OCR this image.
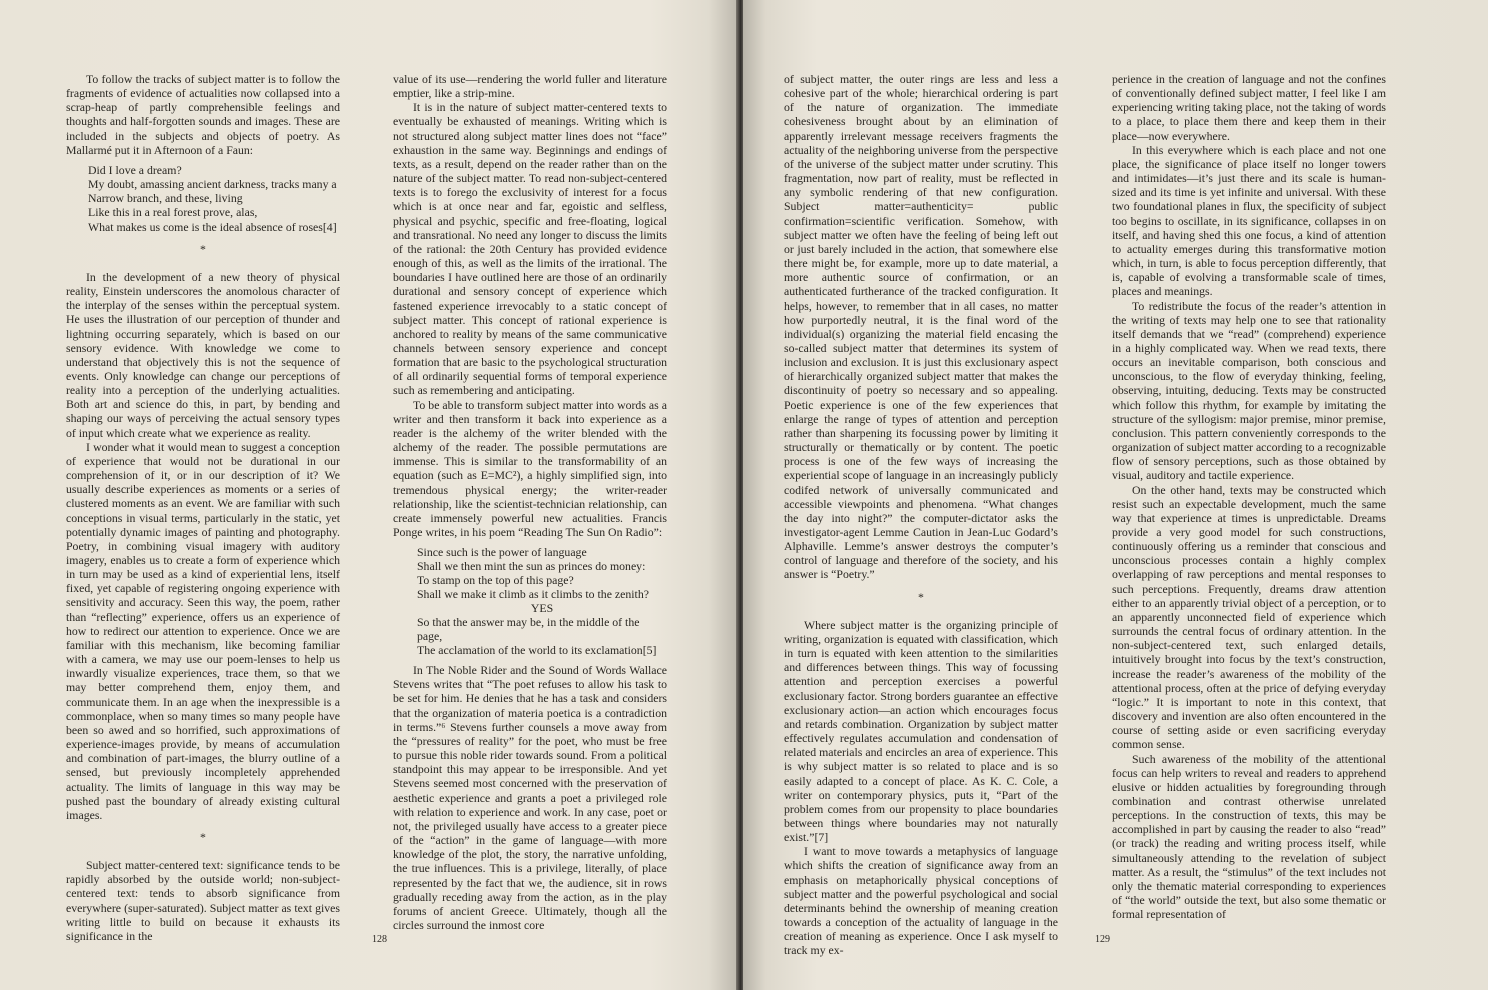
To follow the tracks of subject matter is to follow the fragments of evidence of actualities now collapsed into a scrap-heap of partly comprehensible feelings and thoughts and half-forgotten sounds and images. These are included in the subjects and objects of poetry. As Mallarmé put it in Afternoon of a Faun:

Did I love a dream?
My doubt, amassing ancient darkness, tracks many a
Narrow branch, and these, living
Like this in a real forest prove, alas,
What makes us come is the ideal absence of roses[4]

*

In the development of a new theory of physical reality, Einstein underscores the anomolous character of the interplay of the senses within the perceptual system. He uses the illustration of our perception of thunder and lightning occurring separately, which is based on our sensory evidence. With knowledge we come to understand that objectively this is not the sequence of events. Only knowledge can change our perceptions of reality into a perception of the underlying actualities. Both art and science do this, in part, by bending and shaping our ways of perceiving the actual sensory types of input which create what we experience as reality.

I wonder what it would mean to suggest a conception of experience that would not be durational in our comprehension of it, or in our description of it? We usually describe experiences as moments or a series of clustered moments as an event. We are familiar with such conceptions in visual terms, particularly in the static, yet potentially dynamic images of painting and photography. Poetry, in combining visual imagery with auditory imagery, enables us to create a form of experience which in turn may be used as a kind of experiential lens, itself fixed, yet capable of registering ongoing experience with sensitivity and accuracy. Seen this way, the poem, rather than “reflecting” experience, offers us an experience of how to redirect our attention to experience. Once we are familiar with this mechanism, like becoming familiar with a camera, we may use our poem-lenses to help us inwardly visualize experiences, trace them, so that we may better comprehend them, enjoy them, and communicate them. In an age when the inexpressible is a commonplace, when so many times so many people have been so awed and so horrified, such approximations of experience-images provide, by means of accumulation and combination of part-images, the blurry outline of a sensed, but previously incompletely apprehended actuality. The limits of language in this way may be pushed past the boundary of already existing cultural images.

*

Subject matter-centered text: significance tends to be rapidly absorbed by the outside world; non-subject-centered text: tends to absorb significance from everywhere (super-saturated). Subject matter as text gives writing little to build on because it exhausts its significance in the

value of its use—rendering the world fuller and literature emptier, like a strip-mine.

It is in the nature of subject matter-centered texts to eventually be exhausted of meanings. Writing which is not structured along subject matter lines does not “face” exhaustion in the same way. Beginnings and endings of texts, as a result, depend on the reader rather than on the nature of the subject matter. To read non-subject-centered texts is to forego the exclusivity of interest for a focus which is at once near and far, egoistic and selfless, physical and psychic, specific and free-floating, logical and transrational. No need any longer to discuss the limits of the rational: the 20th Century has provided evidence enough of this, as well as the limits of the irrational. The boundaries I have outlined here are those of an ordinarily durational and sensory concept of experience which fastened experience irrevocably to a static concept of subject matter. This concept of rational experience is anchored to reality by means of the same communicative channels between sensory experience and concept formation that are basic to the psychological structuration of all ordinarily sequential forms of temporal experience such as remembering and anticipating.

To be able to transform subject matter into words as a writer and then transform it back into experience as a reader is the alchemy of the writer blended with the alchemy of the reader. The possible permutations are immense. This is similar to the transformability of an equation (such as E=MC²), a highly simplified sign, into tremendous physical energy; the writer-reader relationship, like the scientist-technician relationship, can create immensely powerful new actualities. Francis Ponge writes, in his poem “Reading The Sun On Radio”:

Since such is the power of language
Shall we then mint the sun as princes do money:
To stamp on the top of this page?
Shall we make it climb as it climbs to the zenith?
YES
So that the answer may be, in the middle of the page,
The acclamation of the world to its exclamation[5]

In The Noble Rider and the Sound of Words Wallace Stevens writes that “The poet refuses to allow his task to be set for him. He denies that he has a task and considers that the organization of materia poetica is a contradiction in terms.”⁶ Stevens further counsels a move away from the “pressures of reality” for the poet, who must be free to pursue this noble rider towards sound. From a political standpoint this may appear to be irresponsible. And yet Stevens seemed most concerned with the preservation of aesthetic experience and grants a poet a privileged role with relation to experience and work. In any case, poet or not, the privileged usually have access to a greater piece of the “action” in the game of language—with more knowledge of the plot, the story, the narrative unfolding, the true influences. This is a privilege, literally, of place represented by the fact that we, the audience, sit in rows gradually receding away from the action, as in the play forums of ancient Greece. Ultimately, though all the circles surround the inmost core

128

of subject matter, the outer rings are less and less a cohesive part of the whole; hierarchical ordering is part of the nature of organization. The immediate cohesiveness brought about by an elimination of apparently irrelevant message receivers fragments the actuality of the neighboring universe from the perspective of the universe of the subject matter under scrutiny. This fragmentation, now part of reality, must be reflected in any symbolic rendering of that new configuration. Subject matter=authenticity= public confirmation=scientific verification. Somehow, with subject matter we often have the feeling of being left out or just barely included in the action, that somewhere else there might be, for example, more up to date material, a more authentic source of confirmation, or an authenticated furtherance of the tracked configuration. It helps, however, to remember that in all cases, no matter how purportedly neutral, it is the final word of the individual(s) organizing the material field encasing the so-called subject matter that determines its system of inclusion and exclusion. It is just this exclusionary aspect of hierarchically organized subject matter that makes the discontinuity of poetry so necessary and so appealing. Poetic experience is one of the few experiences that enlarge the range of types of attention and perception rather than sharpening its focussing power by limiting it structurally or thematically or by content. The poetic process is one of the few ways of increasing the experiential scope of language in an increasingly publicly codifed network of universally communicated and accessible viewpoints and phenomena. “What changes the day into night?” the computer-dictator asks the investigator-agent Lemme Caution in Jean-Luc Godard’s Alphaville. Lemme’s answer destroys the computer’s control of language and therefore of the society, and his answer is “Poetry.”

*

Where subject matter is the organizing principle of writing, organization is equated with classification, which in turn is equated with keen attention to the similarities and differences between things. This way of focussing attention and perception exercises a powerful exclusionary factor. Strong borders guarantee an effective exclusionary action—an action which encourages focus and retards combination. Organization by subject matter effectively regulates accumulation and condensation of related materials and encircles an area of experience. This is why subject matter is so related to place and is so easily adapted to a concept of place. As K. C. Cole, a writer on contemporary physics, puts it, “Part of the problem comes from our propensity to place boundaries between things where boundaries may not naturally exist.”[7]

I want to move towards a metaphysics of language which shifts the creation of significance away from an emphasis on metaphorically physical conceptions of subject matter and the powerful psychological and social determinants behind the ownership of meaning creation towards a conception of the actuality of language in the creation of meaning as experience. Once I ask myself to track my ex-

perience in the creation of language and not the confines of conventionally defined subject matter, I feel like I am experiencing writing taking place, not the taking of words to a place, to place them there and keep them in their place—now everywhere.

In this everywhere which is each place and not one place, the significance of place itself no longer towers and intimidates—it’s just there and its scale is human-sized and its time is yet infinite and universal. With these two foundational planes in flux, the specificity of subject too begins to oscillate, in its significance, collapses in on itself, and having shed this one focus, a kind of attention to actuality emerges during this transformative motion which, in turn, is able to focus perception differently, that is, capable of evolving a transformable scale of times, places and meanings.

To redistribute the focus of the reader’s attention in the writing of texts may help one to see that rationality itself demands that we “read” (comprehend) experience in a highly complicated way. When we read texts, there occurs an inevitable comparison, both conscious and unconscious, to the flow of everyday thinking, feeling, observing, intuiting, deducing. Texts may be constructed which follow this rhythm, for example by imitating the structure of the syllogism: major premise, minor premise, conclusion. This pattern conveniently corresponds to the organization of subject matter according to a recognizable flow of sensory perceptions, such as those obtained by visual, auditory and tactile experience.

On the other hand, texts may be constructed which resist such an expectable development, much the same way that experience at times is unpredictable. Dreams provide a very good model for such constructions, continuously offering us a reminder that conscious and unconscious processes contain a highly complex overlapping of raw perceptions and mental responses to such perceptions. Frequently, dreams draw attention either to an apparently trivial object of a perception, or to an apparently unconnected field of experience which surrounds the central focus of ordinary attention. In the non-subject-centered text, such enlarged details, intuitively brought into focus by the text’s construction, increase the reader’s awareness of the mobility of the attentional process, often at the price of defying everyday “logic.” It is important to note in this context, that discovery and invention are also often encountered in the course of setting aside or even sacrificing everyday common sense.

Such awareness of the mobility of the attentional focus can help writers to reveal and readers to apprehend elusive or hidden actualities by foregrounding through combination and contrast otherwise unrelated perceptions. In the construction of texts, this may be accomplished in part by causing the reader to also “read” (or track) the reading and writing process itself, while simultaneously attending to the revelation of subject matter. As a result, the “stimulus” of the text includes not only the thematic material corresponding to experiences of “the world” outside the text, but also some thematic or formal representation of

129
